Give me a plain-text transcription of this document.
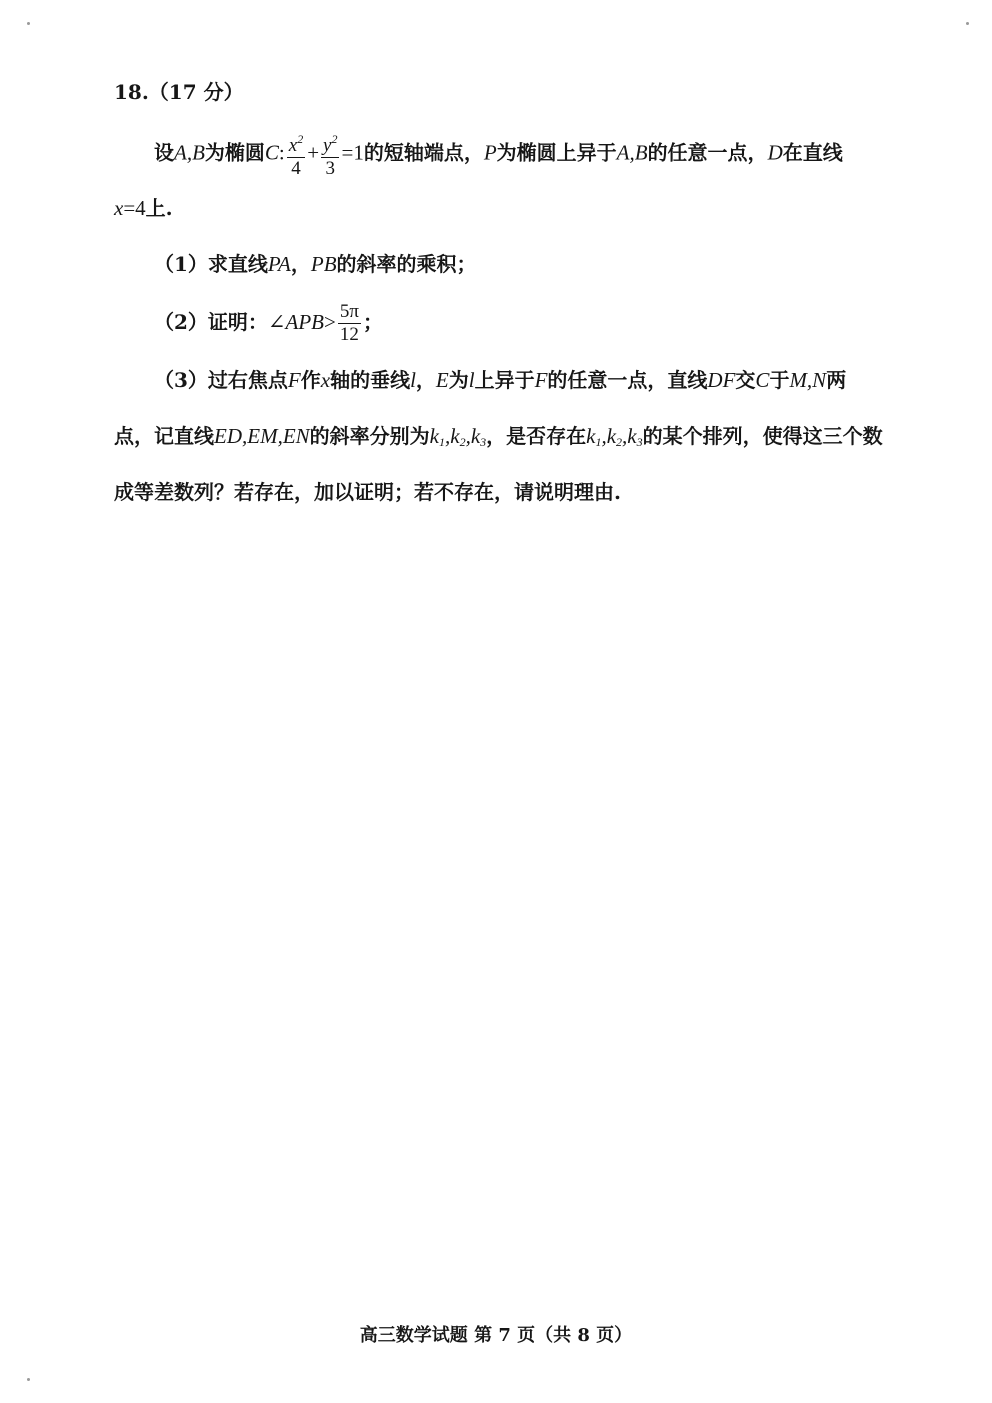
18.（17 分）
设A,B为椭圆C: $\frac{x^2}{4} + \frac{y^2}{3} =1$的短轴端点，P为椭圆上异于A,B的任意一点，D在直线
x=4上.
（1）求直线PA，PB的斜率的乘积；
（2）证明：∠APB> $\frac{5\pi}{12}$ ；
（3）过右焦点F作x轴的垂线l，E为l上异于F的任意一点，直线DF交C于M,N两
点，记直线ED,EM,EN的斜率分别为$k_1,k_2,k_3$，是否存在$k_1,k_2,k_3$的某个排列，使得这三个数
成等差数列？若存在，加以证明；若不存在，请说明理由.
高三数学试题 第 7 页（共 8 页）
